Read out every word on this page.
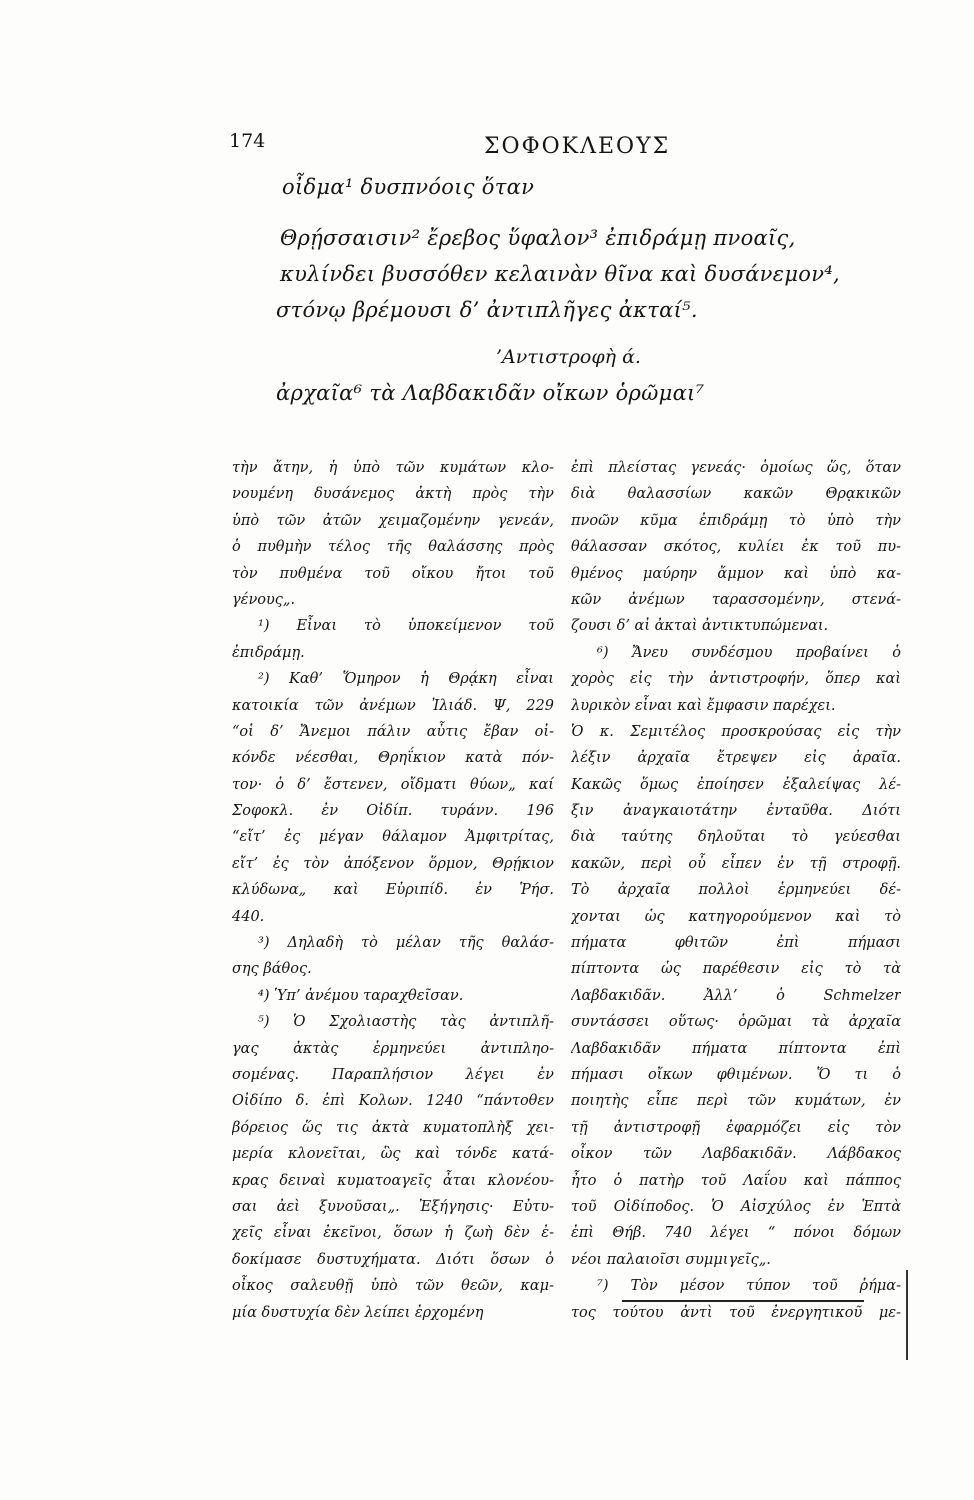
174	ΣΟΦΟΚΛΕΟΥΣ
οἶδμα¹ δυσπνόοις ὅταν
Θρῄσσαισιν² ἔρεβος ὕφαλον³ ἐπιδράμῃ πνοαῖς,
κυλίνδει βυσσόθεν κελαινὰν θῖνα καὶ δυσάνεμον⁴,
στόνῳ βρέμουσι δ’ ἀντιπλῆγες ἀκταί⁵.
’Αντιστροφὴ ά.
ἀρχαῖα⁶ τὰ Λαβδακιδᾶν οἴκων ὁρῶμαι⁷
τὴν ἄτην, ἡ ὑπὸ τῶν κυμάτων κλο-
νουμένη δυσάνεμος ἀκτὴ πρὸς τὴν
ὑπὸ τῶν ἀτῶν χειμαζομένην γενεάν,
ὁ πυθμὴν τέλος τῆς θαλάσσης πρὸς
τὸν πυθμένα τοῦ οἴκου ἤτοι τοῦ
γένους„.
¹) Εἶναι τὸ ὑποκείμενον τοῦ
ἐπιδράμῃ.
²) Καθ’ Ὅμηρον ἡ Θρᾴκη εἶναι
κατοικία τῶν ἀνέμων Ἰλιάδ. Ψ, 229
“οἱ δ’ Ἄνεμοι πάλιν αὖτις ἔβαν οἰ-
κόνδε νέεσθαι, Θρηΐκιον κατὰ πόν-
τον· ὁ δ’ ἔστενεν, οἴδματι θύων„ καί
Σοφοκλ. ἐν Οἰδίπ. τυράνν. 196
“εἴτ’ ἐς μέγαν θάλαμον Ἀμφιτρίτας,
εἴτ’ ἐς τὸν ἀπόξενον ὅρμον, Θρῄκιον
κλύδωνα„ καὶ Εὐριπίδ. ἐν Ῥήσ.
440.
³) Δηλαδὴ τὸ μέλαν τῆς θαλάσ-
σης βάθος.
⁴) Ὑπ’ ἀνέμου ταραχθεῖσαν.
⁵) Ὁ Σχολιαστὴς τὰς ἀντιπλῆ-
γας ἀκτὰς ἑρμηνεύει ἀντιπληο-
σομένας. Παραπλήσιον λέγει ἐν
Οἰδίπο δ. ἐπὶ Κολων. 1240 “πάντοθεν
βόρειος ὥς τις ἀκτὰ κυματοπλὴξ χει-
μερία κλονεῖται, ὣς καὶ τόνδε κατά-
κρας δειναὶ κυματοαγεῖς ἆται κλονέου-
σαι ἀεὶ ξυνοῦσαι„. Ἐξήγησις· Εὐτυ-
χεῖς εἶναι ἐκεῖνοι, ὅσων ἡ ζωὴ δὲν ἐ-
δοκίμασε δυστυχήματα. Διότι ὅσων ὁ
οἶκος σαλευθῇ ὑπὸ τῶν θεῶν, καμ-
μία δυστυχία δὲν λείπει ἐρχομένη
ἐπὶ πλείστας γενεάς· ὁμοίως ὥς, ὅταν
διὰ θαλασσίων κακῶν Θρᾳκικῶν
πνοῶν κῦμα ἐπιδράμῃ τὸ ὑπὸ τὴν
θάλασσαν σκότος, κυλίει ἐκ τοῦ πυ-
θμένος μαύρην ἄμμον καὶ ὑπὸ κα-
κῶν ἀνέμων ταρασσομένην, στενά-
ζουσι δ’ αἱ ἀκταὶ ἀντικτυπώμεναι.
⁶) Ἄνευ συνδέσμου προβαίνει ὁ
χορὸς εἰς τὴν ἀντιστροφήν, ὅπερ καὶ
λυρικὸν εἶναι καὶ ἔμφασιν παρέχει.
Ὁ κ. Σεμιτέλος προσκρούσας εἰς τὴν
λέξιν ἀρχαῖα ἔτρεψεν εἰς ἀραῖα.
Κακῶς ὅμως ἐποίησεν ἐξαλείψας λέ-
ξιν ἀναγκαιοτάτην ἐνταῦθα. Διότι
διὰ ταύτης δηλοῦται τὸ γεύεσθαι
κακῶν, περὶ οὗ εἶπεν ἐν τῇ στροφῇ.
Τὸ ἀρχαῖα πολλοὶ ἑρμηνεύει δέ-
χονται ὡς κατηγορούμενον καὶ τὸ
πήματα φθιτῶν ἐπὶ πήμασι
πίπτοντα ὡς παρέθεσιν εἰς τὸ τὰ
Λαβδακιδᾶν. Ἀλλ’ ὁ Schmelzer
συντάσσει οὕτως· ὁρῶμαι τὰ ἀρχαῖα
Λαβδακιδᾶν πήματα πίπτοντα ἐπὶ
πήμασι οἴκων φθιμένων. Ὅ τι ὁ
ποιητὴς εἶπε περὶ τῶν κυμάτων, ἐν
τῇ ἀντιστροφῇ ἐφαρμόζει εἰς τὸν
οἶκον τῶν Λαβδακιδᾶν. Λάβδακος
ἦτο ὁ πατὴρ τοῦ Λαΐου καὶ πάππος
τοῦ Οἰδίποδος. Ὁ Αἰσχύλος ἐν Ἑπτὰ
ἐπὶ Θήβ. 740 λέγει “ πόνοι δόμων
νέοι παλαιοῖσι συμμιγεῖς„.
⁷) Τὸν μέσον τύπον τοῦ ῥήμα-
τος τούτου ἀντὶ τοῦ ἐνεργητικοῦ με-
